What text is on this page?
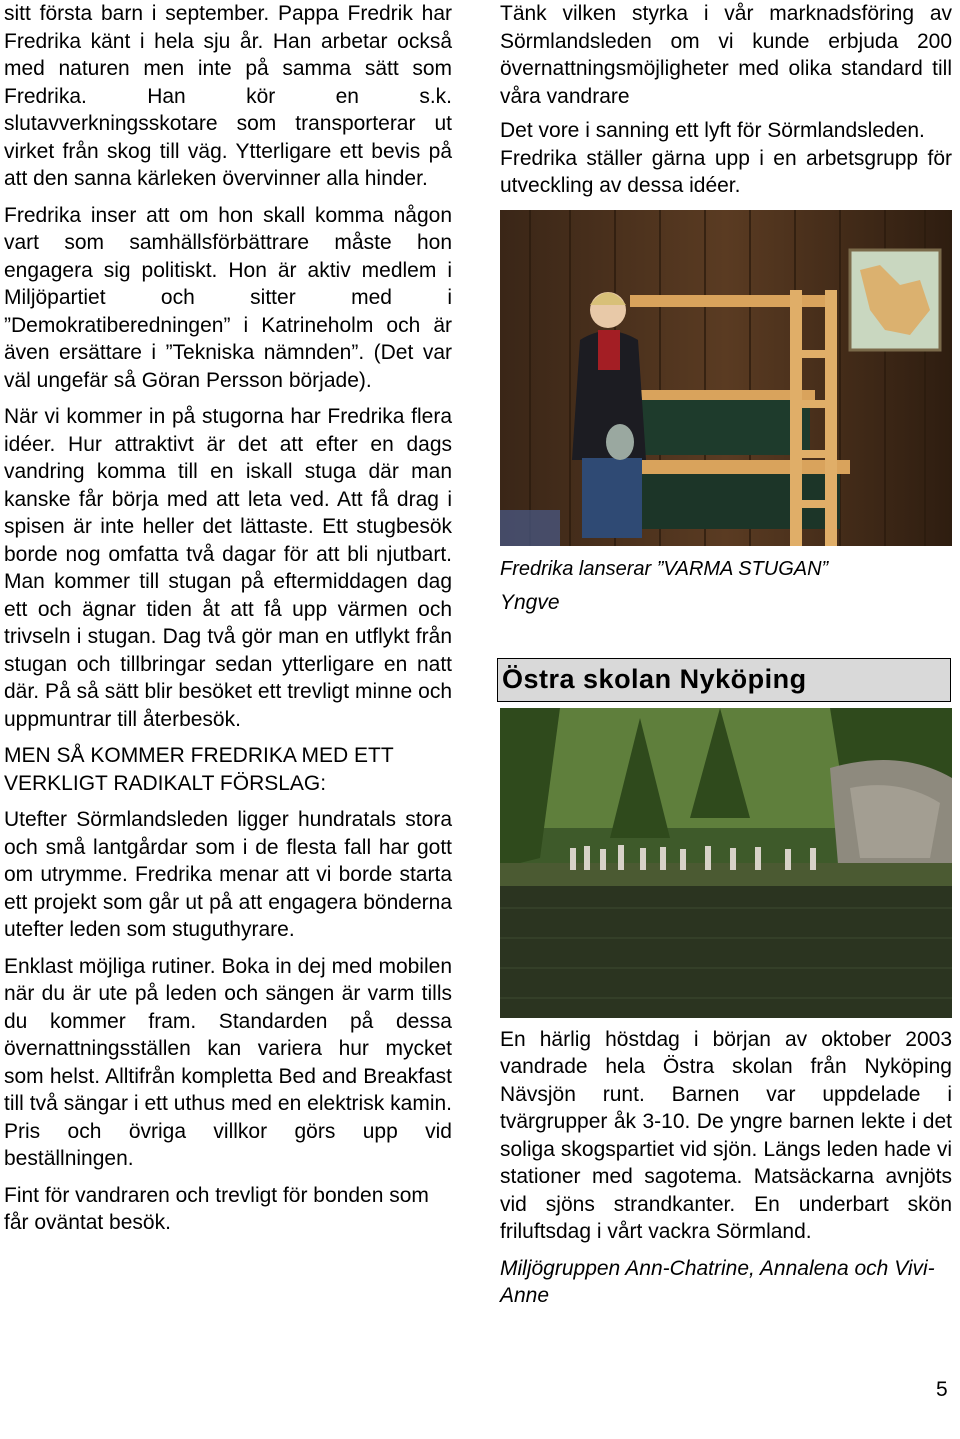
sitt första barn i september. Pappa Fredrik har Fredrika känt i hela sju år. Han arbetar också med naturen men inte på samma sätt som Fredrika. Han kör en s.k. slutavverkningsskotare som transporterar ut virket från skog till väg. Ytterligare ett bevis på att den sanna kärleken övervinner alla hinder.

Fredrika inser att om hon skall komma någon vart som samhällsförbättrare måste hon engagera sig politiskt. Hon är aktiv medlem i Miljöpartiet och sitter med i ”Demokratiberedningen” i Katrineholm och är även ersättare i ”Tekniska nämnden”. (Det var väl ungefär så Göran Persson började).

När vi kommer in på stugorna har Fredrika flera idéer. Hur attraktivt är det att efter en dags vandring komma till en iskall stuga där man kanske får börja med att leta ved. Att få drag i spisen är inte heller det lättaste. Ett stugbesök borde nog omfatta två dagar för att bli njutbart. Man kommer till stugan på eftermiddagen dag ett och ägnar tiden åt att få upp värmen och trivseln i stugan. Dag två gör man en utflykt från stugan och tillbringar sedan ytterligare en natt där. På så sätt blir besöket ett trevligt minne och uppmuntrar till återbesök.

MEN SÅ KOMMER FREDRIKA MED ETT VERKLIGT RADIKALT FÖRSLAG:

Utefter Sörmlandsleden ligger hundratals stora och små lantgårdar som i de flesta fall har gott om utrymme. Fredrika menar att vi borde starta ett projekt som går ut på att engagera bönderna utefter leden som stuguthyrare.

Enklast möjliga rutiner. Boka in dej med mobilen när du är ute på leden och sängen är varm tills du kommer fram. Standarden på dessa övernattningsställen kan variera hur mycket som helst. Alltifrån kompletta Bed and Breakfast till två sängar i ett uthus med en elektrisk kamin. Pris och övriga villkor görs upp vid beställningen.

Fint för vandraren och trevligt för bonden som får oväntat besök.

Tänk vilken styrka i vår marknadsföring av Sörmlandsleden om vi kunde erbjuda 200 övernattningsmöjligheter med olika standard till våra vandrare

Det vore i sanning ett lyft för Sörmlandsleden.

Fredrika ställer gärna upp i en arbetsgrupp för utveckling av dessa idéer.

Fredrika lanserar ”VARMA STUGAN”

Yngve

Östra skolan Nyköping

En härlig höstdag i början av oktober 2003 vandrade hela Östra skolan från Nyköping Nävsjön runt. Barnen var uppdelade i tvärgrupper åk 3-10. De yngre barnen lekte i det soliga skogspartiet vid sjön. Längs leden hade vi stationer med sagotema. Matsäckarna avnjöts vid sjöns strandkanter. En underbart skön friluftsdag i vårt vackra Sörmland.

Miljögruppen Ann-Chatrine, Annalena och Vivi-Anne

5
